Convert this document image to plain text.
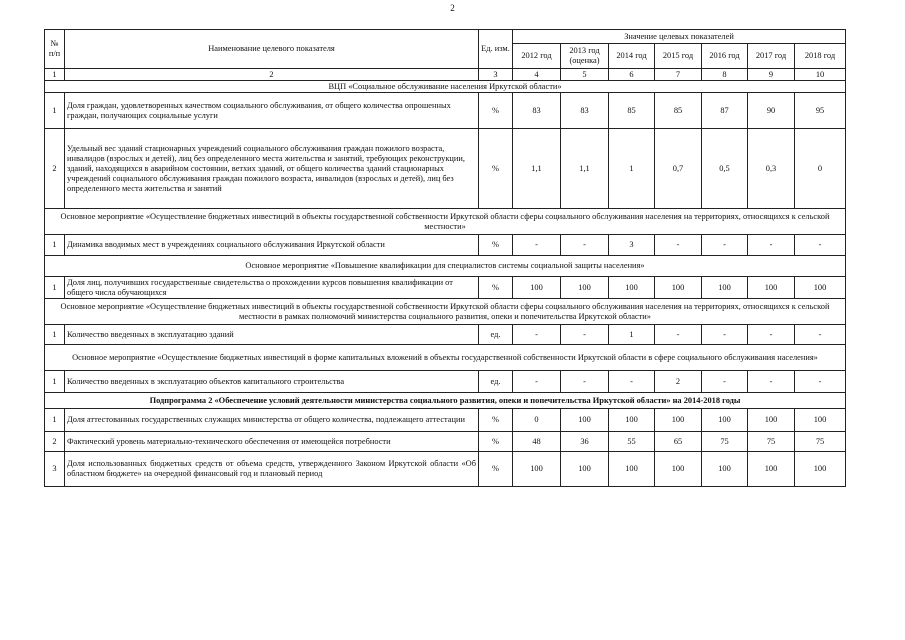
2
№ п/п	Наименование целевого показателя	Ед. изм.	Значение целевых показателей						
			2012 год	2013 год (оценка)	2014 год	2015 год	2016 год	2017 год	2018 год
1	2	3	4	5	6	7	8	9	10
ВЦП «Социальное обслуживание населения Иркутской области»									
1	Доля граждан, удовлетворенных качеством социального обслуживания, от общего количества опрошенных граждан, получающих социальные услуги	%	83	83	85	85	87	90	95
2	Удельный вес зданий стационарных учреждений социального обслуживания граждан пожилого возраста, инвалидов (взрослых и детей), лиц без определенного места жительства и занятий, требующих реконструкции, зданий, находящихся в аварийном состоянии, ветхих зданий, от общего количества зданий стационарных учреждений социального обслуживания граждан пожилого возраста, инвалидов (взрослых и детей), лиц без определенного места жительства и занятий	%	1,1	1,1	1	0,7	0,5	0,3	0
Основное мероприятие «Осуществление бюджетных инвестиций в объекты государственной собственности Иркутской области сферы социального обслуживания населения на территориях, относящихся к сельской местности»									
1	Динамика вводимых мест в учреждениях социального обслуживания Иркутской области	%	-	-	3	-	-	-	-
Основное мероприятие «Повышение квалификации для специалистов системы социальной защиты населения»									
1	Доля лиц, получивших государственные свидетельства о прохождении курсов повышения квалификации от общего числа обучающихся	%	100	100	100	100	100	100	100
Основное мероприятие «Осуществление бюджетных инвестиций в объекты государственной собственности Иркутской области сферы социального обслуживания населения на территориях, относящихся к сельской местности в рамках полномочий министерства социального развития, опеки и попечительства Иркутской области»									
1	Количество введенных в эксплуатацию зданий	ед.	-	-	1	-	-	-	-
Основное мероприятие «Осуществление бюджетных инвестиций в форме капитальных вложений в объекты государственной собственности Иркутской области в сфере социального обслуживания населения»									
1	Количество введенных в эксплуатацию объектов капитального строительства	ед.	-	-	-	2	-	-	-
Подпрограмма 2 «Обеспечение условий деятельности министерства социального развития, опеки и попечительства Иркутской области» на 2014-2018 годы									
1	Доля аттестованных государственных служащих министерства от общего количества, подлежащего аттестации	%	0	100	100	100	100	100	100
2	Фактический уровень материально-технического обеспечения от имеющейся потребности	%	48	36	55	65	75	75	75
3	Доля использованных бюджетных средств от объема средств, утвержденного Законом Иркутской области «Об областном бюджете» на очередной финансовый год и плановый период	%	100	100	100	100	100	100	100
